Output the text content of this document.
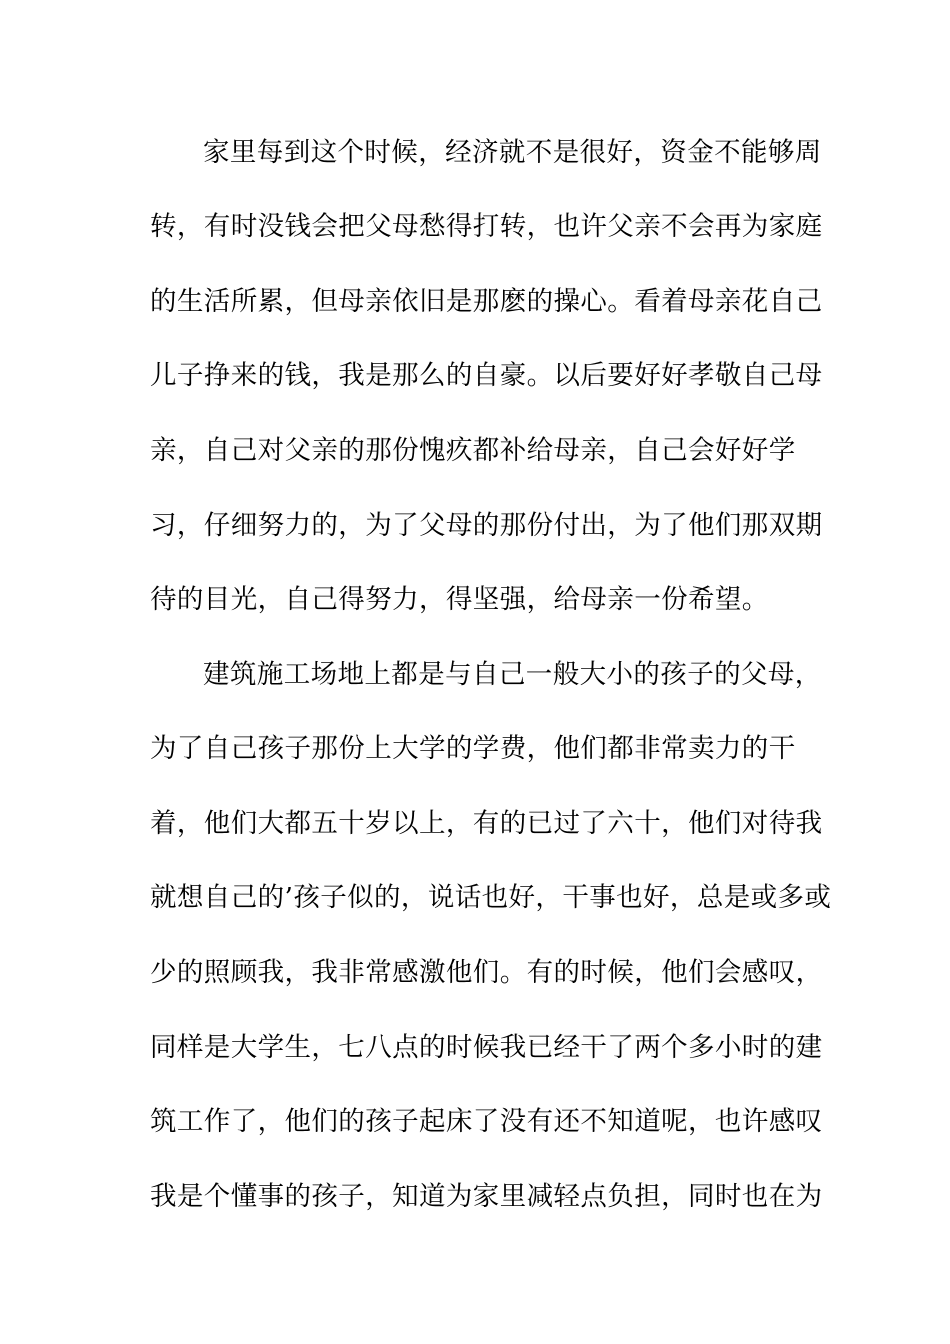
家里每到这个时候，经济就不是很好，资金不能够周
转，有时没钱会把父母愁得打转，也许父亲不会再为家庭
的生活所累，但母亲依旧是那麽的操心。看着母亲花自己
儿子挣来的钱，我是那么的自豪。以后要好好孝敬自己母
亲，自己对父亲的那份愧疚都补给母亲，自己会好好学
习，仔细努力的，为了父母的那份付出，为了他们那双期
待的目光，自己得努力，得坚强，给母亲一份希望。
建筑施工场地上都是与自己一般大小的孩子的父母，
为了自己孩子那份上大学的学费，他们都非常卖力的干
着，他们大都五十岁以上，有的已过了六十，他们对待我
就想自己的’孩子似的，说话也好，干事也好，总是或多或
少的照顾我，我非常感激他们。有的时候，他们会感叹，
同样是大学生，七八点的时候我已经干了两个多小时的建
筑工作了，他们的孩子起床了没有还不知道呢，也许感叹
我是个懂事的孩子，知道为家里减轻点负担，同时也在为
